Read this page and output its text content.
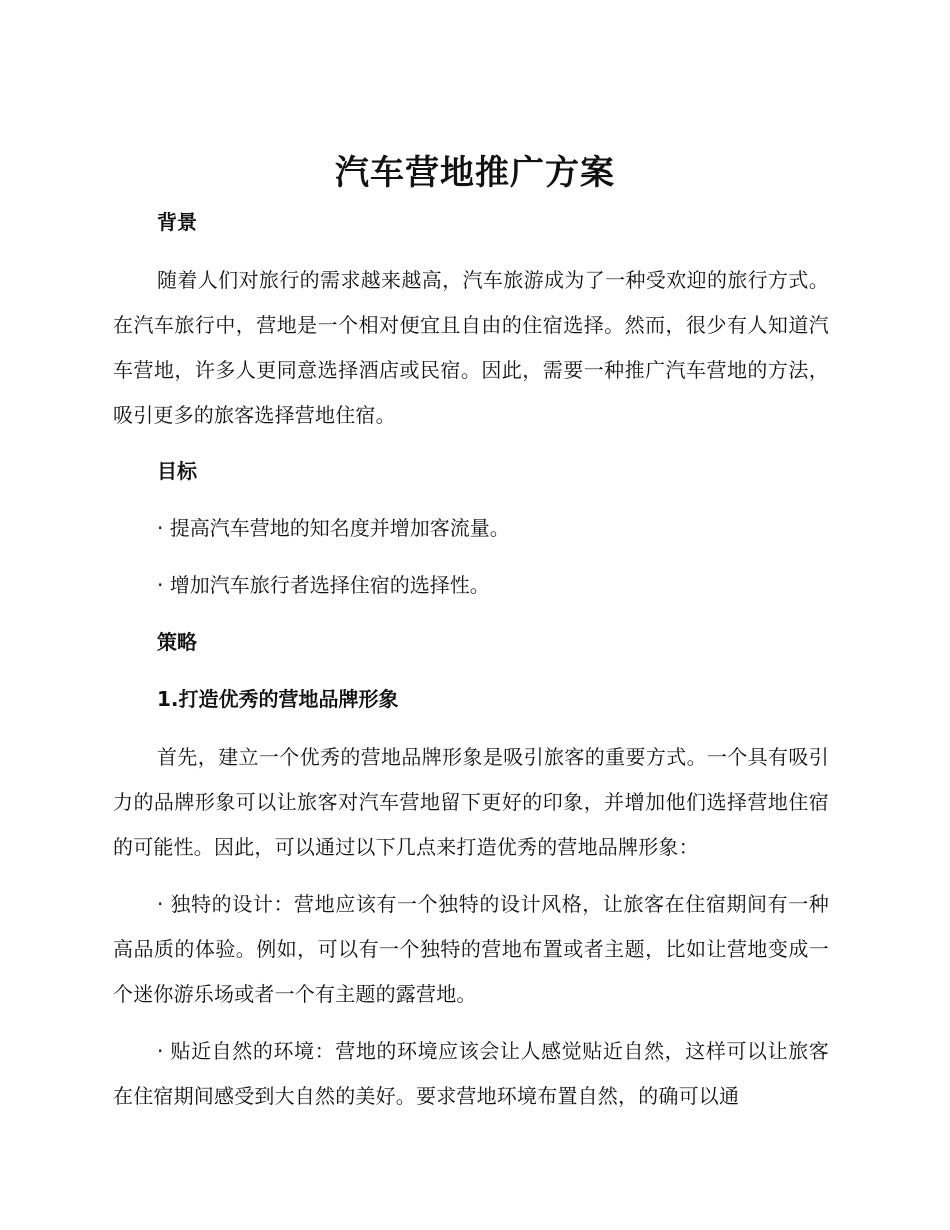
汽车营地推广方案
背景

随着人们对旅行的需求越来越高，汽车旅游成为了一种受欢迎的旅行方式。在汽车旅行中，营地是一个相对便宜且自由的住宿选择。然而，很少有人知道汽车营地，许多人更同意选择酒店或民宿。因此，需要一种推广汽车营地的方法，吸引更多的旅客选择营地住宿。

目标
· 提高汽车营地的知名度并增加客流量。
· 增加汽车旅行者选择住宿的选择性。
策略
1.打造优秀的营地品牌形象

首先，建立一个优秀的营地品牌形象是吸引旅客的重要方式。一个具有吸引力的品牌形象可以让旅客对汽车营地留下更好的印象，并增加他们选择营地住宿的可能性。因此，可以通过以下几点来打造优秀的营地品牌形象：

· 独特的设计：营地应该有一个独特的设计风格，让旅客在住宿期间有一种高品质的体验。例如，可以有一个独特的营地布置或者主题，比如让营地变成一个迷你游乐场或者一个有主题的露营地。

· 贴近自然的环境：营地的环境应该会让人感觉贴近自然，这样可以让旅客在住宿期间感受到大自然的美好。要求营地环境布置自然，的确可以通
